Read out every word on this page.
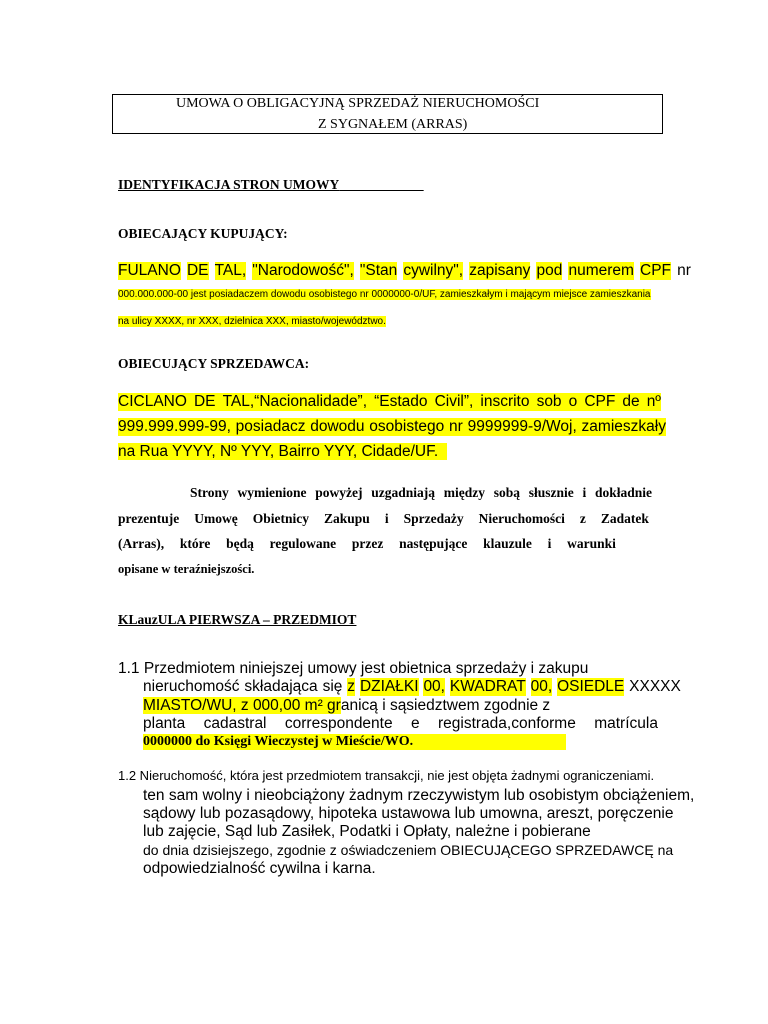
UMOWA O OBLIGACYJNĄ SPRZEDAŻ NIERUCHOMOŚCI
Z SYGNAŁEM (ARRAS)
IDENTYFIKACJA STRON UMOWY
OBIECAJĄCY KUPUJĄCY:
FULANO DE TAL, "Narodowość", "Stan cywilny", zapisany pod numerem CPF nr
000.000.000-00 jest posiadaczem dowodu osobistego nr 0000000-0/UF, zamieszkałym i mającym miejsce zamieszkania
na ulicy XXXX, nr XXX, dzielnica XXX, miasto/województwo.
OBIECUJĄCY SPRZEDAWCA:
CICLANO DE TAL,“Nacionalidade”, “Estado Civil”, inscrito sob o CPF de nº
999.999.999-99, posiadacz dowodu osobistego nr 9999999-9/Woj, zamieszkały
na Rua YYYY, Nº YYY, Bairro YYY, Cidade/UF.
Strony wymienione powyżej uzgadniają między sobą słusznie i dokładnie
prezentuje Umowę Obietnicy Zakupu i Sprzedaży Nieruchomości z Zadatek
(Arras), które będą regulowane przez następujące klauzule i warunki
opisane w teraźniejszości.
KLauzULA PIERWSZA – PRZEDMIOT
1.1 Przedmiotem niniejszej umowy jest obietnica sprzedaży i zakupu
nieruchomość składająca się z DZIAŁKI 00, KWADRAT 00, OSIEDLE XXXXX
MIASTO/WU, z 000,00 m² granicą i sąsiedztwem zgodnie z
planta cadastral correspondente e registrada,conforme matrícula
0000000 do Księgi Wieczystej w Mieście/WO.
1.2 Nieruchomość, która jest przedmiotem transakcji, nie jest objęta żadnymi ograniczeniami.
ten sam wolny i nieobciążony żadnym rzeczywistym lub osobistym obciążeniem,
sądowy lub pozasądowy, hipoteka ustawowa lub umowna, areszt, poręczenie
lub zajęcie, Sąd lub Zasiłek, Podatki i Opłaty, należne i pobierane
do dnia dzisiejszego, zgodnie z oświadczeniem OBIECUJĄCEGO SPRZEDAWCĘ na
odpowiedzialność cywilna i karna.
